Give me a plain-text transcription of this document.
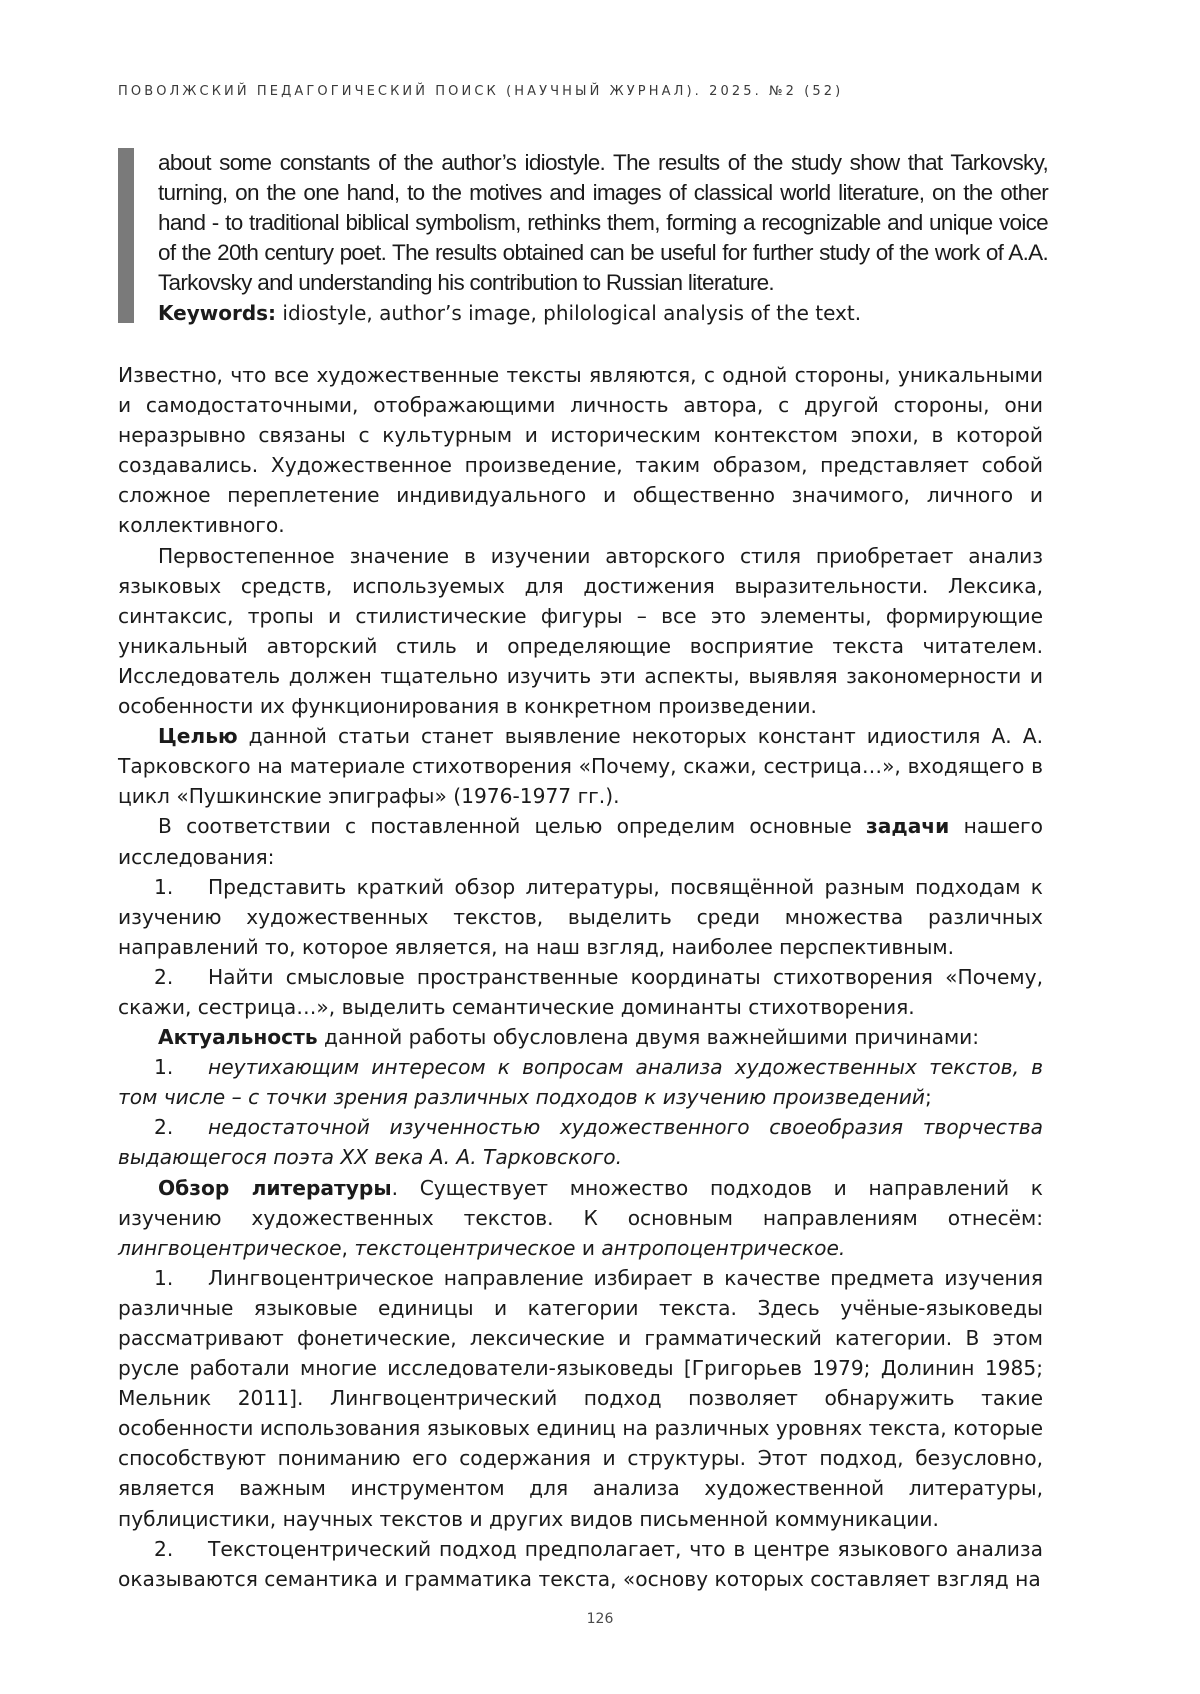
ПОВОЛЖСКИЙ ПЕДАГОГИЧЕСКИЙ ПОИСК (НАУЧНЫЙ ЖУРНАЛ). 2025. №2 (52)
about some constants of the author’s idiostyle. The results of the study show that Tarkovsky, turning, on the one hand, to the motives and images of classical world literature, on the other hand - to traditional biblical symbolism, rethinks them, forming a recognizable and unique voice of the 20th century poet. The results obtained can be useful for further study of the work of A.A. Tarkovsky and understanding his contribution to Russian literature.
Keywords: idiostyle, author’s image, philological analysis of the text.

Известно, что все художественные тексты являются, с одной стороны, уникальными и самодостаточными, отображающими личность автора, с другой стороны, они неразрывно связаны с культурным и историческим контекстом эпохи, в которой создавались. Художественное произведение, таким образом, представляет собой сложное переплетение индивидуального и общественно значимого, личного и коллективного.

Первостепенное значение в изучении авторского стиля приобретает анализ языковых средств, используемых для достижения выразительности. Лексика, синтаксис, тропы и стилистические фигуры – все это элементы, формирующие уникальный авторский стиль и определяющие восприятие текста читателем. Исследователь должен тщательно изучить эти аспекты, выявляя закономерности и особенности их функционирования в конкретном произведении.

Целью данной статьи станет выявление некоторых констант идиостиля А. А. Тарковского на материале стихотворения «Почему, скажи, сестрица…», входящего в цикл «Пушкинские эпиграфы» (1976-1977 гг.).

В соответствии с поставленной целью определим основные задачи нашего исследования:

1. Представить краткий обзор литературы, посвящённой разным подходам к изучению художественных текстов, выделить среди множества различных направлений то, которое является, на наш взгляд, наиболее перспективным.

2. Найти смысловые пространственные координаты стихотворения «Почему, скажи, сестрица…», выделить семантические доминанты стихотворения.

Актуальность данной работы обусловлена двумя важнейшими причинами:

1. неутихающим интересом к вопросам анализа художественных текстов, в том числе – с точки зрения различных подходов к изучению произведений;

2. недостаточной изученностью художественного своеобразия творчества выдающегося поэта XX века А. А. Тарковского.

Обзор литературы. Существует множество подходов и направлений к изучению художественных текстов. К основным направлениям отнесём: лингвоцентрическое, текстоцентрическое и антропоцентрическое.

1. Лингвоцентрическое направление избирает в качестве предмета изучения различные языковые единицы и категории текста. Здесь учёные-языковеды рассматривают фонетические, лексические и грамматический категории. В этом русле работали многие исследователи-языковеды [Григорьев 1979; Долинин 1985; Мельник 2011]. Лингвоцентрический подход позволяет обнаружить такие особенности использования языковых единиц на различных уровнях текста, которые способствуют пониманию его содержания и структуры. Этот подход, безусловно, является важным инструментом для анализа художественной литературы, публицистики, научных текстов и других видов письменной коммуникации.

2. Текстоцентрический подход предполагает, что в центре языкового анализа оказываются семантика и грамматика текста, «основу которых составляет взгляд на

126
